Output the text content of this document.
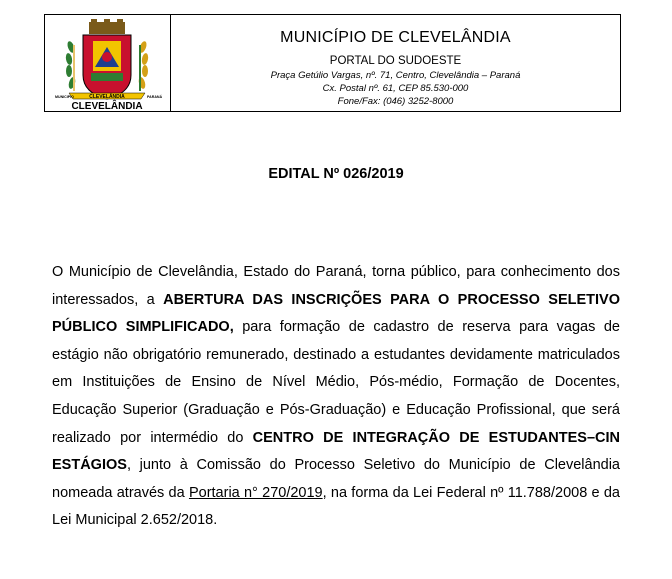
MUNICIPIO	CLEVELÂNDIA	PARANÁ
CLEVELÂNDIA
MUNICÍPIO DE CLEVELÂNDIA
PORTAL DO SUDOESTE
Praça Getúlio Vargas, nº. 71, Centro, Clevelândia – Paraná
Cx. Postal nº. 61, CEP 85.530-000
Fone/Fax: (046) 3252-8000
EDITAL Nº 026/2019
O Município de Clevelândia, Estado do Paraná, torna público, para conhecimento dos interessados, a ABERTURA DAS INSCRIÇÕES PARA O PROCESSO SELETIVO PÚBLICO SIMPLIFICADO, para formação de cadastro de reserva para vagas de estágio não obrigatório remunerado, destinado a estudantes devidamente matriculados em Instituições de Ensino de Nível Médio, Pós-médio, Formação de Docentes, Educação Superior (Graduação e Pós-Graduação) e Educação Profissional, que será realizado por intermédio do CENTRO DE INTEGRAÇÃO DE ESTUDANTES–CIN ESTÁGIOS, junto à Comissão do Processo Seletivo do Município de Clevelândia nomeada através da Portaria n° 270/2019, na forma da Lei Federal nº 11.788/2008 e da Lei Municipal 2.652/2018.
